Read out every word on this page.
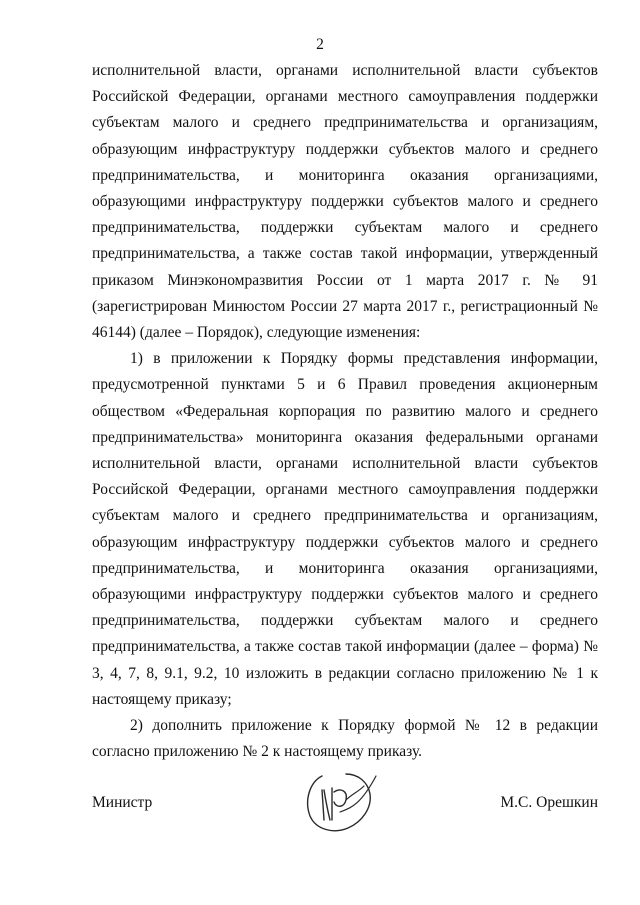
2

исполнительной власти, органами исполнительной власти субъектов Российской Федерации, органами местного самоуправления поддержки субъектам малого и среднего предпринимательства и организациям, образующим инфраструктуру поддержки субъектов малого и среднего предпринимательства, и мониторинга оказания организациями, образующими инфраструктуру поддержки субъектов малого и среднего предпринимательства, поддержки субъектам малого и среднего предпринимательства, а также состав такой информации, утвержденный приказом Минэкономразвития России от 1 марта 2017 г. № 91 (зарегистрирован Минюстом России 27 марта 2017 г., регистрационный № 46144) (далее – Порядок), следующие изменения:

1) в приложении к Порядку формы представления информации, предусмотренной пунктами 5 и 6 Правил проведения акционерным обществом «Федеральная корпорация по развитию малого и среднего предпринимательства» мониторинга оказания федеральными органами исполнительной власти, органами исполнительной власти субъектов Российской Федерации, органами местного самоуправления поддержки субъектам малого и среднего предпринимательства и организациям, образующим инфраструктуру поддержки субъектов малого и среднего предпринимательства, и мониторинга оказания организациями, образующими инфраструктуру поддержки субъектов малого и среднего предпринимательства, поддержки субъектам малого и среднего предпринимательства, а также состав такой информации (далее – форма) № 3, 4, 7, 8, 9.1, 9.2, 10 изложить в редакции согласно приложению № 1 к настоящему приказу;

2) дополнить приложение к Порядку формой № 12 в редакции согласно приложению № 2 к настоящему приказу.

Министр	М.С. Орешкин
